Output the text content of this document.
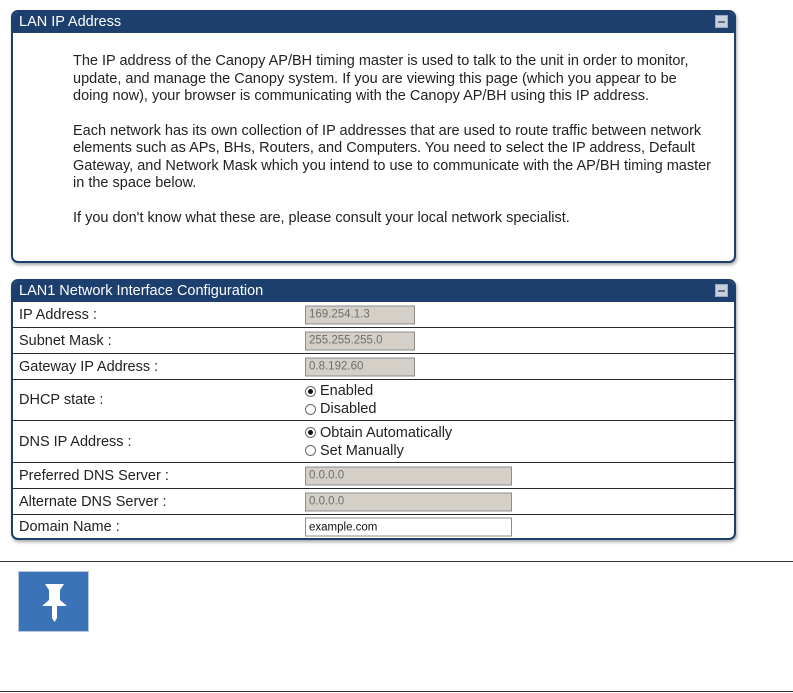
LAN IP Address

The IP address of the Canopy AP/BH timing master is used to talk to the unit in order to monitor, update, and manage the Canopy system. If you are viewing this page (which you appear to be doing now), your browser is communicating with the Canopy AP/BH using this IP address.

Each network has its own collection of IP addresses that are used to route traffic between network elements such as APs, BHs, Routers, and Computers. You need to select the IP address, Default Gateway, and Network Mask which you intend to use to communicate with the AP/BH timing master in the space below.

If you don't know what these are, please consult your local network specialist.

LAN1 Network Interface Configuration
IP Address :
169.254.1.3
Subnet Mask :
255.255.255.0
Gateway IP Address :
0.8.192.60
DHCP state :
Enabled
Disabled
DNS IP Address :
Obtain Automatically
Set Manually
Preferred DNS Server :
0.0.0.0
Alternate DNS Server :
0.0.0.0
Domain Name :
example.com
